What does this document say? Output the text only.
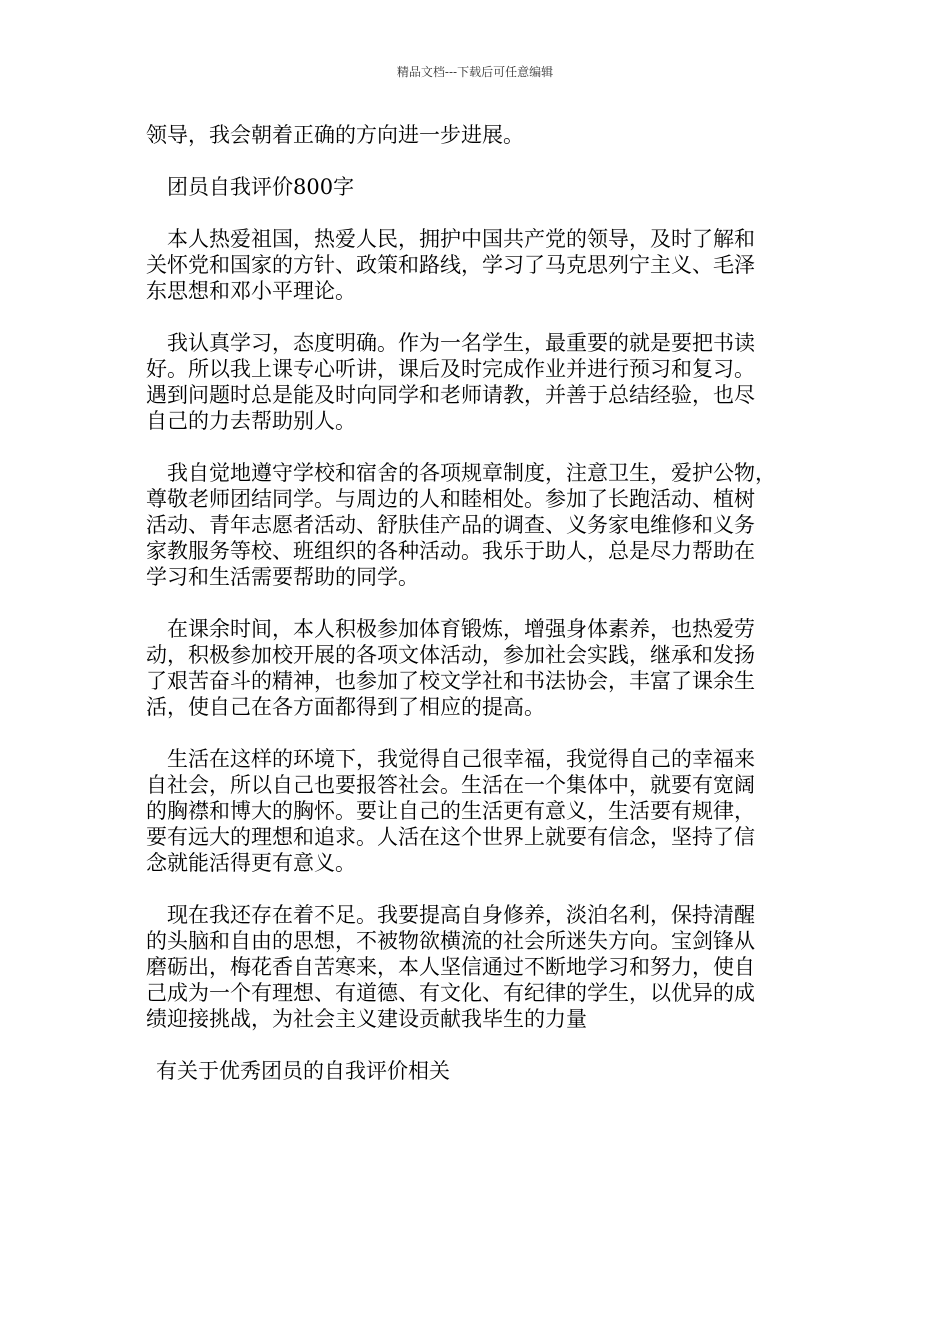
精品文档---下载后可任意编辑

领导，我会朝着正确的方向进一步进展。

团员自我评价800字

本人热爱祖国，热爱人民，拥护中国共产党的领导，及时了解和
关怀党和国家的方针、政策和路线，学习了马克思列宁主义、毛泽
东思想和邓小平理论。

我认真学习，态度明确。作为一名学生，最重要的就是要把书读
好。所以我上课专心听讲，课后及时完成作业并进行预习和复习。
遇到问题时总是能及时向同学和老师请教，并善于总结经验，也尽
自己的力去帮助别人。

我自觉地遵守学校和宿舍的各项规章制度，注意卫生，爱护公物，
尊敬老师团结同学。与周边的人和睦相处。参加了长跑活动、植树
活动、青年志愿者活动、舒肤佳产品的调查、义务家电维修和义务
家教服务等校、班组织的各种活动。我乐于助人，总是尽力帮助在
学习和生活需要帮助的同学。

在课余时间，本人积极参加体育锻炼，增强身体素养，也热爱劳
动，积极参加校开展的各项文体活动，参加社会实践，继承和发扬
了艰苦奋斗的精神，也参加了校文学社和书法协会，丰富了课余生
活，使自己在各方面都得到了相应的提高。

生活在这样的环境下，我觉得自己很幸福，我觉得自己的幸福来
自社会，所以自己也要报答社会。生活在一个集体中，就要有宽阔
的胸襟和博大的胸怀。要让自己的生活更有意义，生活要有规律，
要有远大的理想和追求。人活在这个世界上就要有信念，坚持了信
念就能活得更有意义。

现在我还存在着不足。我要提高自身修养，淡泊名利，保持清醒
的头脑和自由的思想，不被物欲横流的社会所迷失方向。宝剑锋从
磨砺出，梅花香自苦寒来，本人坚信通过不断地学习和努力，使自
己成为一个有理想、有道德、有文化、有纪律的学生，以优异的成
绩迎接挑战，为社会主义建设贡献我毕生的力量

有关于优秀团员的自我评价相关
